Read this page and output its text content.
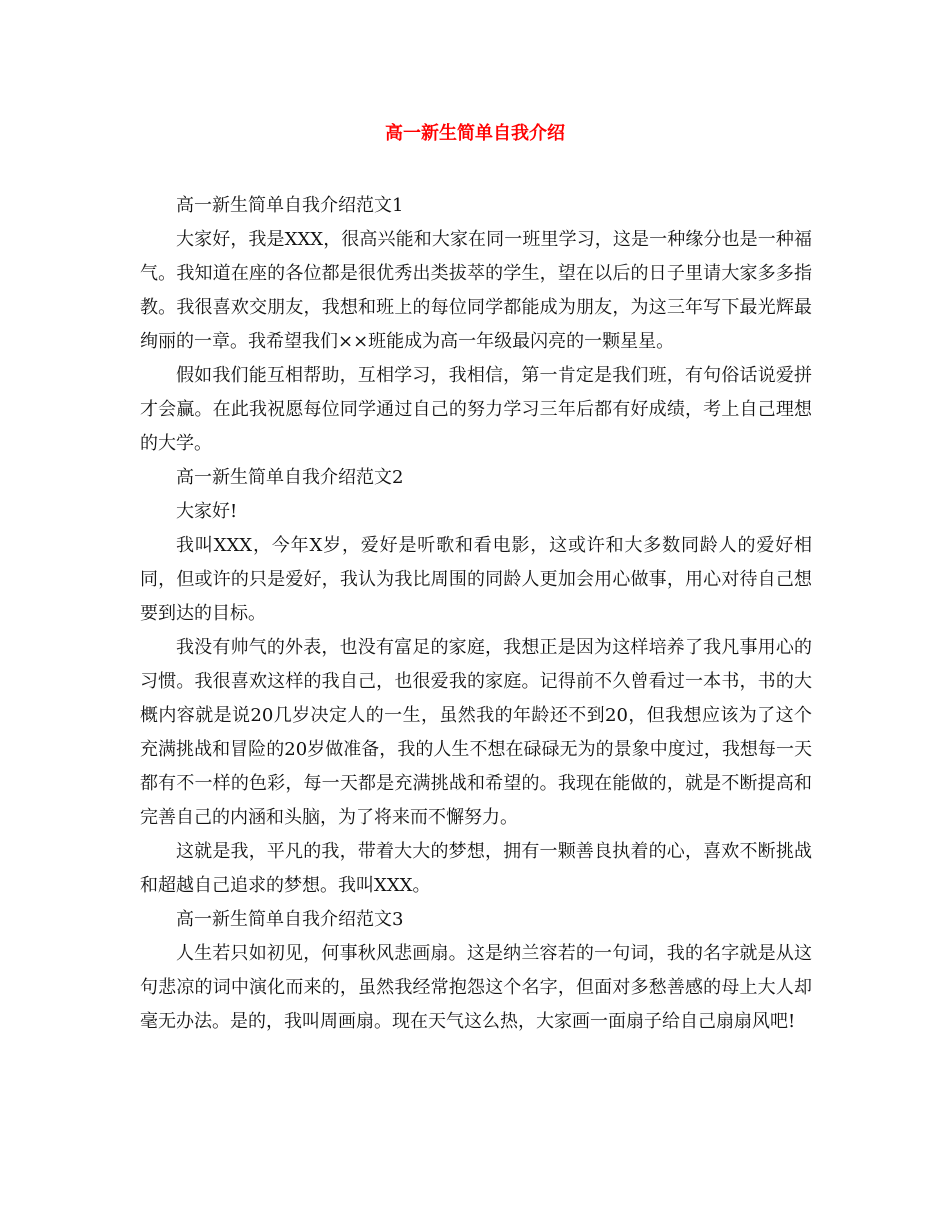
高一新生简单自我介绍

高一新生简单自我介绍范文1

大家好，我是XXX，很高兴能和大家在同一班里学习，这是一种缘分也是一种福气。我知道在座的各位都是很优秀出类拔萃的学生，望在以后的日子里请大家多多指教。我很喜欢交朋友，我想和班上的每位同学都能成为朋友，为这三年写下最光辉最绚丽的一章。我希望我们××班能成为高一年级最闪亮的一颗星星。

假如我们能互相帮助，互相学习，我相信，第一肯定是我们班，有句俗话说爱拼才会赢。在此我祝愿每位同学通过自己的努力学习三年后都有好成绩，考上自己理想的大学。

高一新生简单自我介绍范文2

大家好!

我叫XXX，今年X岁，爱好是听歌和看电影，这或许和大多数同龄人的爱好相同，但或许的只是爱好，我认为我比周围的同龄人更加会用心做事，用心对待自己想要到达的目标。

我没有帅气的外表，也没有富足的家庭，我想正是因为这样培养了我凡事用心的习惯。我很喜欢这样的我自己，也很爱我的家庭。记得前不久曾看过一本书，书的大概内容就是说20几岁决定人的一生，虽然我的年龄还不到20，但我想应该为了这个充满挑战和冒险的20岁做准备，我的人生不想在碌碌无为的景象中度过，我想每一天都有不一样的色彩，每一天都是充满挑战和希望的。我现在能做的，就是不断提高和完善自己的内涵和头脑，为了将来而不懈努力。

这就是我，平凡的我，带着大大的梦想，拥有一颗善良执着的心，喜欢不断挑战和超越自己追求的梦想。我叫XXX。

高一新生简单自我介绍范文3

人生若只如初见，何事秋风悲画扇。这是纳兰容若的一句词，我的名字就是从这句悲凉的词中演化而来的，虽然我经常抱怨这个名字，但面对多愁善感的母上大人却毫无办法。是的，我叫周画扇。现在天气这么热，大家画一面扇子给自己扇扇风吧!
